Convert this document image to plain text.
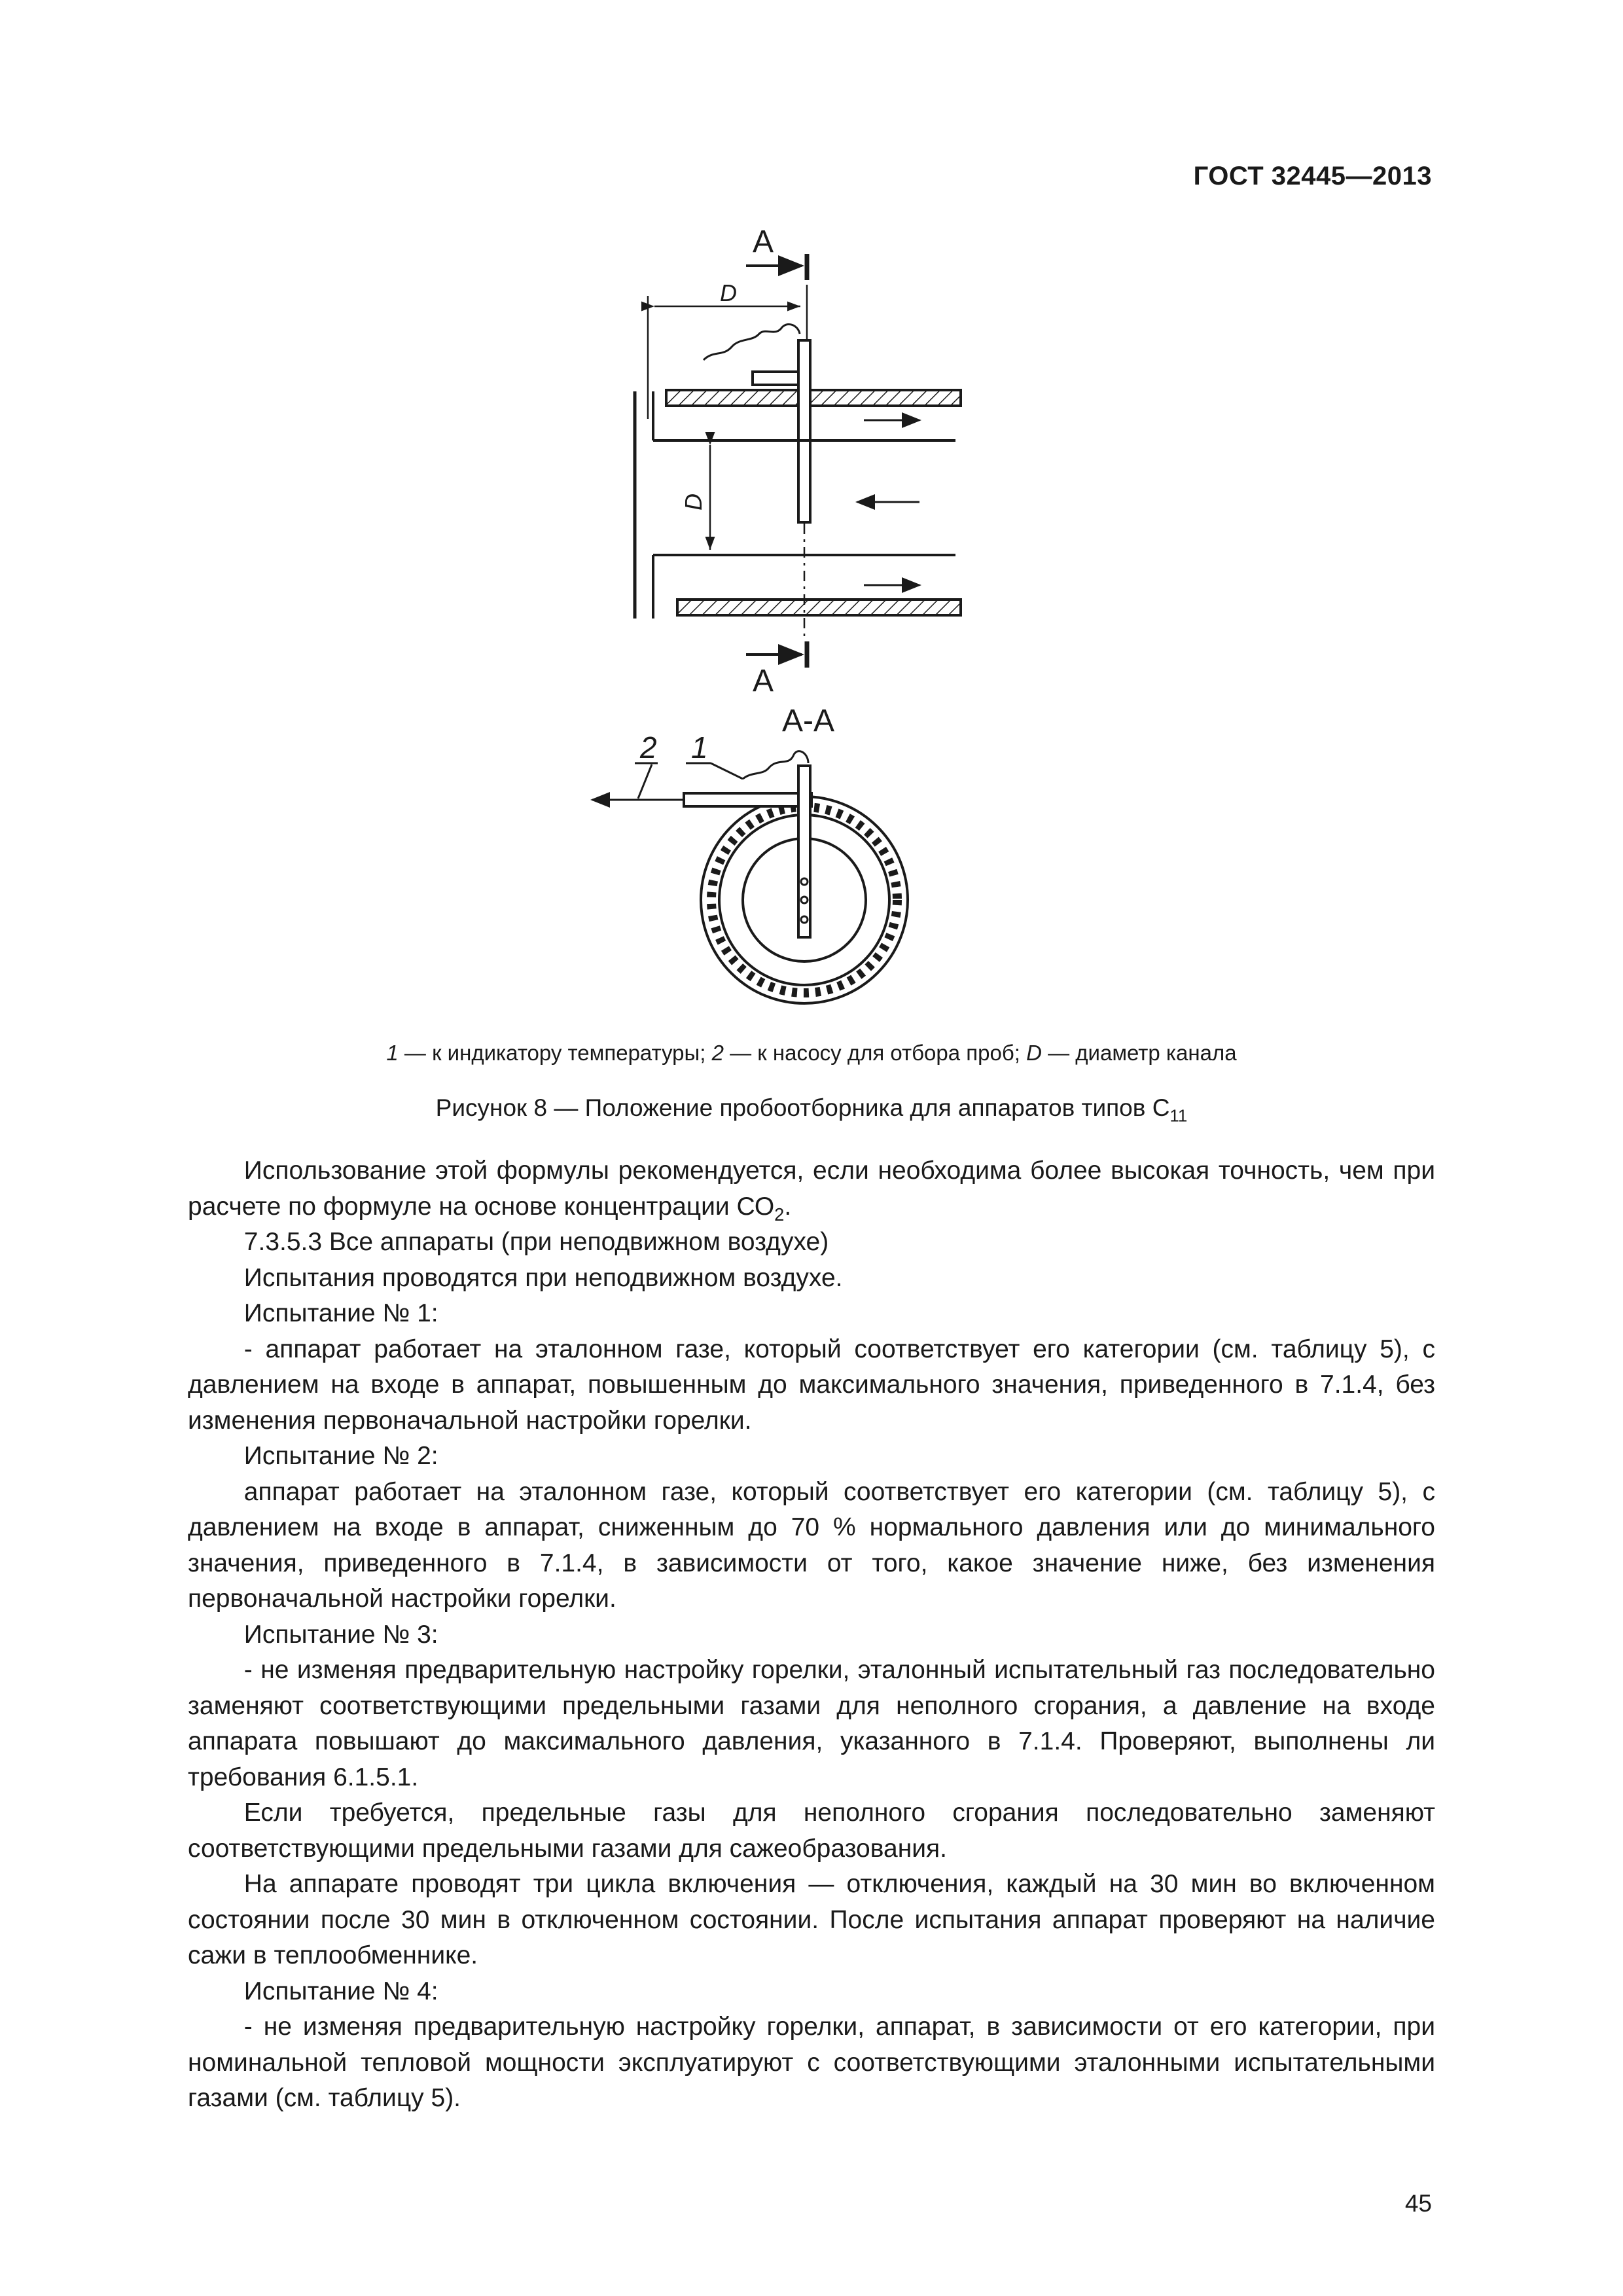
ГОСТ 32445—2013
А
D
D
А
А-А
2 1
1 — к индикатору температуры; 2 — к насосу для отбора проб; D — диаметр канала
Рисунок 8 — Положение пробоотборника для аппаратов типов $С_{11}$

Использование этой формулы рекомендуется, если необходима более высокая точность, чем при расчете по формуле на основе концентрации $СО_2$.

7.3.5.3 Все аппараты (при неподвижном воздухе)

Испытания проводятся при неподвижном воздухе.

Испытание № 1:

- аппарат работает на эталонном газе, который соответствует его категории (см. таблицу 5), с давлением на входе в аппарат, повышенным до максимального значения, приведенного в 7.1.4, без изменения первоначальной настройки горелки.

Испытание № 2:

аппарат работает на эталонном газе, который соответствует его категории (см. таблицу 5), с давлением на входе в аппарат, сниженным до 70 % нормального давления или до минимального значения, приведенного в 7.1.4, в зависимости от того, какое значение ниже, без изменения первоначальной настройки горелки.

Испытание № 3:

- не изменяя предварительную настройку горелки, эталонный испытательный газ последовательно заменяют соответствующими предельными газами для неполного сгорания, а давление на входе аппарата повышают до максимального давления, указанного в 7.1.4. Проверяют, выполнены ли требования 6.1.5.1.

Если требуется, предельные газы для неполного сгорания последовательно заменяют соответствующими предельными газами для сажеобразования.

На аппарате проводят три цикла включения — отключения, каждый на 30 мин во включенном состоянии после 30 мин в отключенном состоянии. После испытания аппарат проверяют на наличие сажи в теплообменнике.

Испытание № 4:

- не изменяя предварительную настройку горелки, аппарат, в зависимости от его категории, при номинальной тепловой мощности эксплуатируют с соответствующими эталонными испытательными газами (см. таблицу 5).

45
